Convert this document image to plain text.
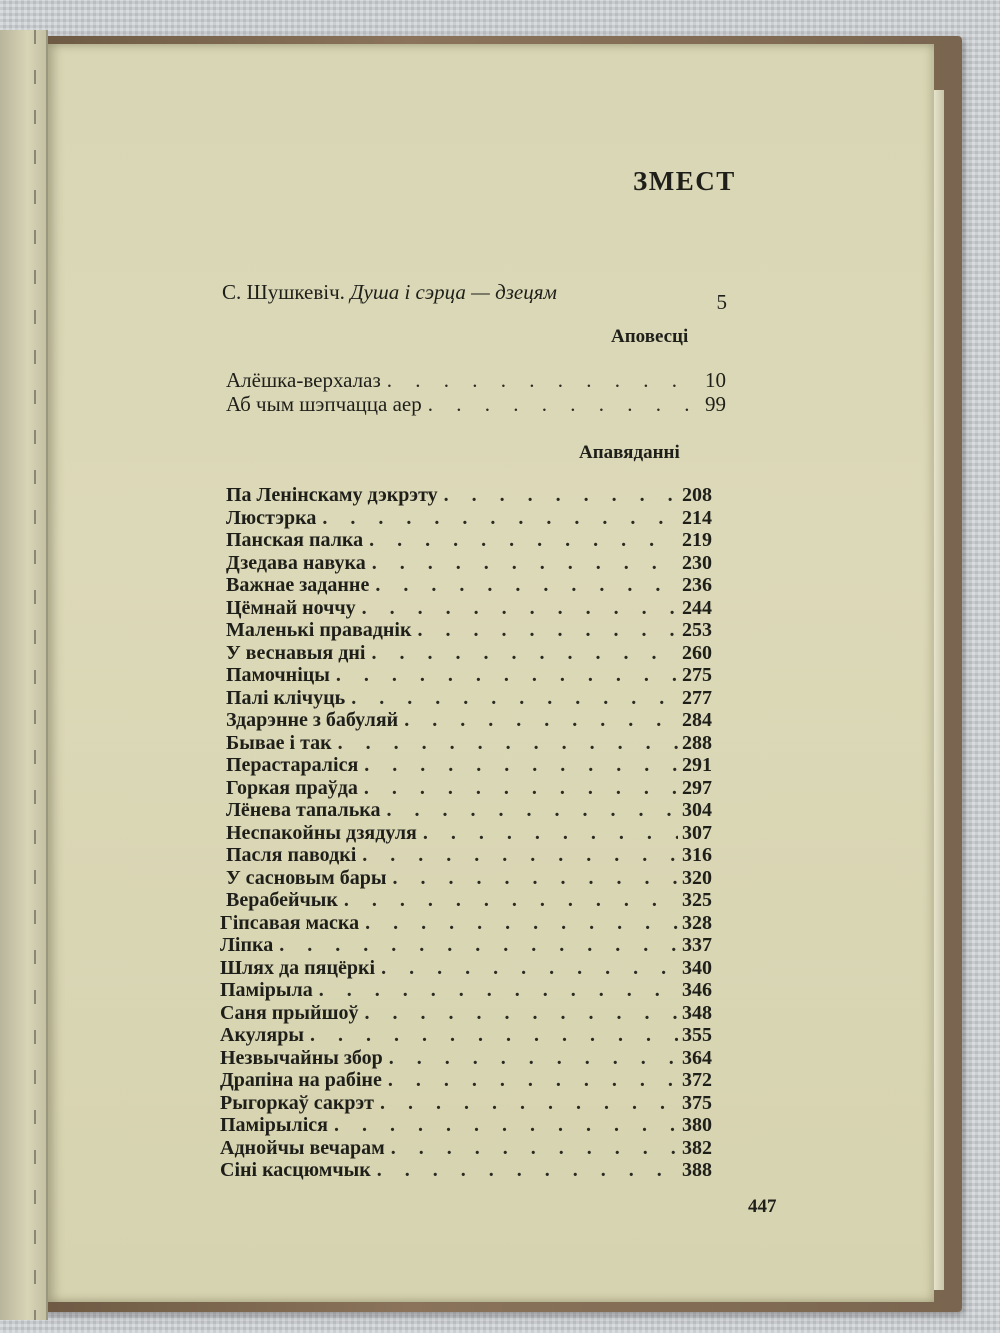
ЗМЕСТ
С. Шушкевіч. Душа і сэрца — дзецям	5
Аповесці
Алёшка-верхалаз . . .	10
Аб чым шэпчацца аер . . .	99
Апавяданні
Па Ленінскаму дэкрэту . . .	208
Люстэрка . . .	214
Панская палка . . .	219
Дзедава навука . . .	230
Важнае заданне . . .	236
Цёмнай ноччу . . .	244
Маленькі праваднік . . .	253
У веснавыя дні . . .	260
Памочніцы . . .	275
Палі клічуць . . .	277
Здарэнне з бабуляй . . .	284
Бывае і так . . .	288
Перастараліся . . .	291
Горкая праўда . . .	297
Лёнева тапалька . . .	304
Неспакойны дзядуля . . .	307
Пасля паводкі . . .	316
У сасновым бары . . .	320
Верабейчык . . .	325
Гіпсавая маска . . .	328
Ліпка . . .	337
Шлях да пяцёркі . . .	340
Памірыла . . .	346
Саня прыйшоў . . .	348
Акуляры . . .	355
Незвычайны збор . . .	364
Драпіна на рабіне . . .	372
Рыгоркаў сакрэт . . .	375
Памірыліся . . .	380
Аднойчы вечарам . . .	382
Сіні касцюмчык . . .	388
447
